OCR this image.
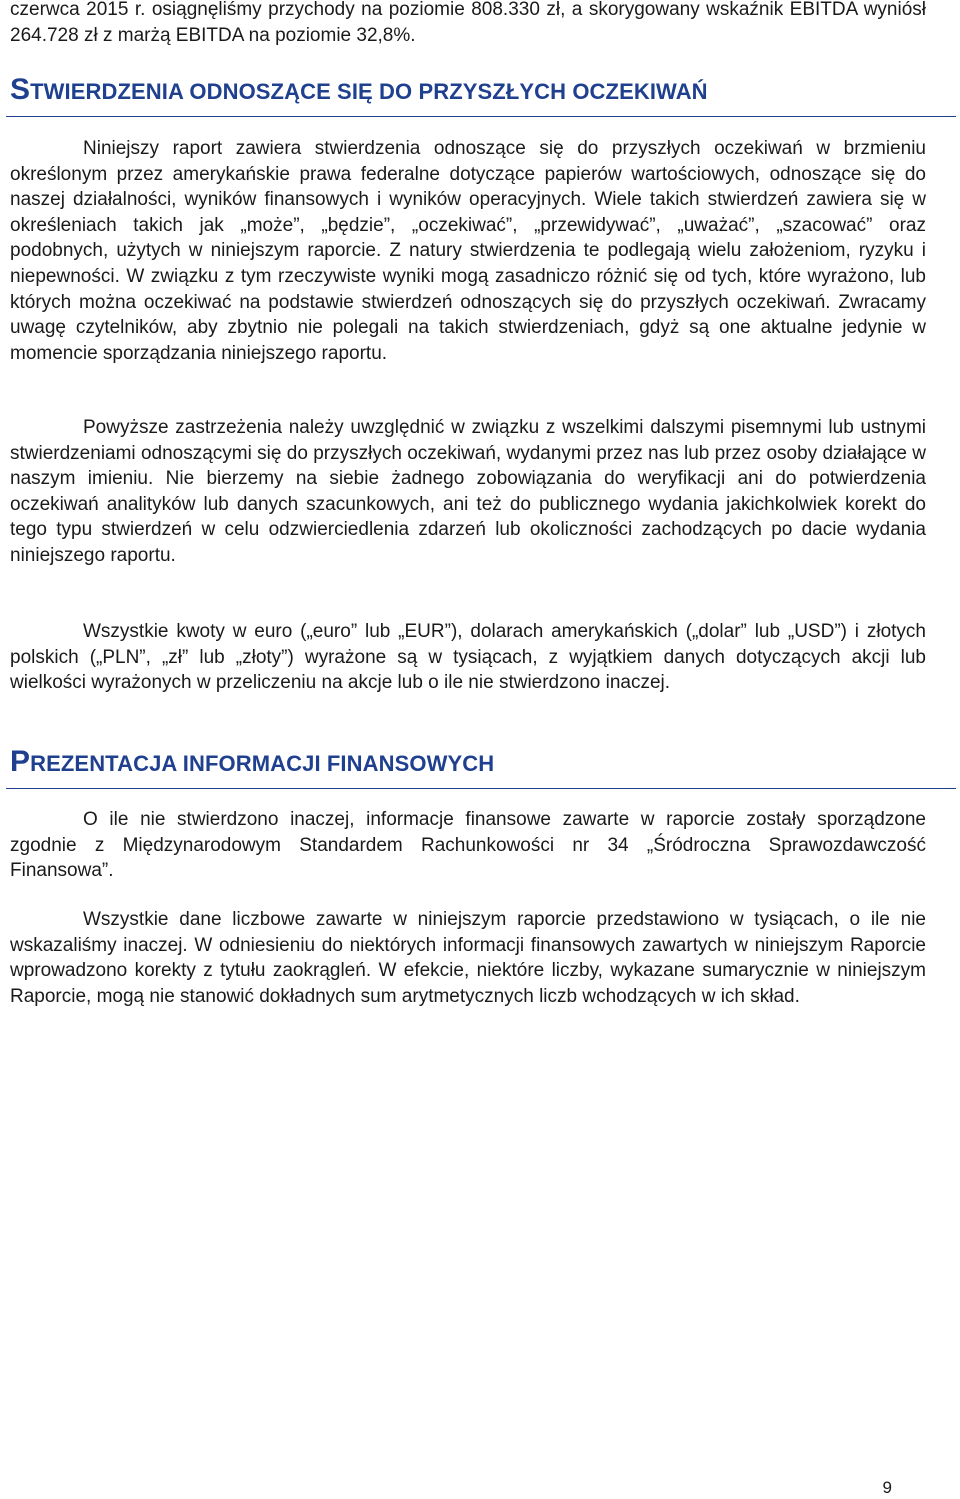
czerwca 2015 r. osiągnęliśmy przychody na poziomie 808.330 zł, a skorygowany wskaźnik EBITDA wyniósł 264.728 zł z marżą EBITDA na poziomie 32,8%.

STWIERDZENIA ODNOSZĄCE SIĘ DO PRZYSZŁYCH OCZEKIWAŃ

Niniejszy raport zawiera stwierdzenia odnoszące się do przyszłych oczekiwań w brzmieniu określonym przez amerykańskie prawa federalne dotyczące papierów wartościowych, odnoszące się do naszej działalności, wyników finansowych i wyników operacyjnych. Wiele takich stwierdzeń zawiera się w określeniach takich jak „może”, „będzie”, „oczekiwać”, „przewidywać”, „uważać”, „szacować” oraz podobnych, użytych w niniejszym raporcie. Z natury stwierdzenia te podlegają wielu założeniom, ryzyku i niepewności. W związku z tym rzeczywiste wyniki mogą zasadniczo różnić się od tych, które wyrażono, lub których można oczekiwać na podstawie stwierdzeń odnoszących się do przyszłych oczekiwań. Zwracamy uwagę czytelników, aby zbytnio nie polegali na takich stwierdzeniach, gdyż są one aktualne jedynie w momencie sporządzania niniejszego raportu.

Powyższe zastrzeżenia należy uwzględnić w związku z wszelkimi dalszymi pisemnymi lub ustnymi stwierdzeniami odnoszącymi się do przyszłych oczekiwań, wydanymi przez nas lub przez osoby działające w naszym imieniu. Nie bierzemy na siebie żadnego zobowiązania do weryfikacji ani do potwierdzenia oczekiwań analityków lub danych szacunkowych, ani też do publicznego wydania jakichkolwiek korekt do tego typu stwierdzeń w celu odzwierciedlenia zdarzeń lub okoliczności zachodzących po dacie wydania niniejszego raportu.

Wszystkie kwoty w euro („euro” lub „EUR”), dolarach amerykańskich („dolar” lub „USD”) i złotych polskich („PLN”, „zł” lub „złoty”) wyrażone są w tysiącach, z wyjątkiem danych dotyczących akcji lub wielkości wyrażonych w przeliczeniu na akcje lub o ile nie stwierdzono inaczej.

PREZENTACJA INFORMACJI FINANSOWYCH

O ile nie stwierdzono inaczej, informacje finansowe zawarte w raporcie zostały sporządzone zgodnie z Międzynarodowym Standardem Rachunkowości nr 34 „Śródroczna Sprawozdawczość Finansowa”.

Wszystkie dane liczbowe zawarte w niniejszym raporcie przedstawiono w tysiącach, o ile nie wskazaliśmy inaczej. W odniesieniu do niektórych informacji finansowych zawartych w niniejszym Raporcie wprowadzono korekty z tytułu zaokrągleń. W efekcie, niektóre liczby, wykazane sumarycznie w niniejszym Raporcie, mogą nie stanowić dokładnych sum arytmetycznych liczb wchodzących w ich skład.

9
